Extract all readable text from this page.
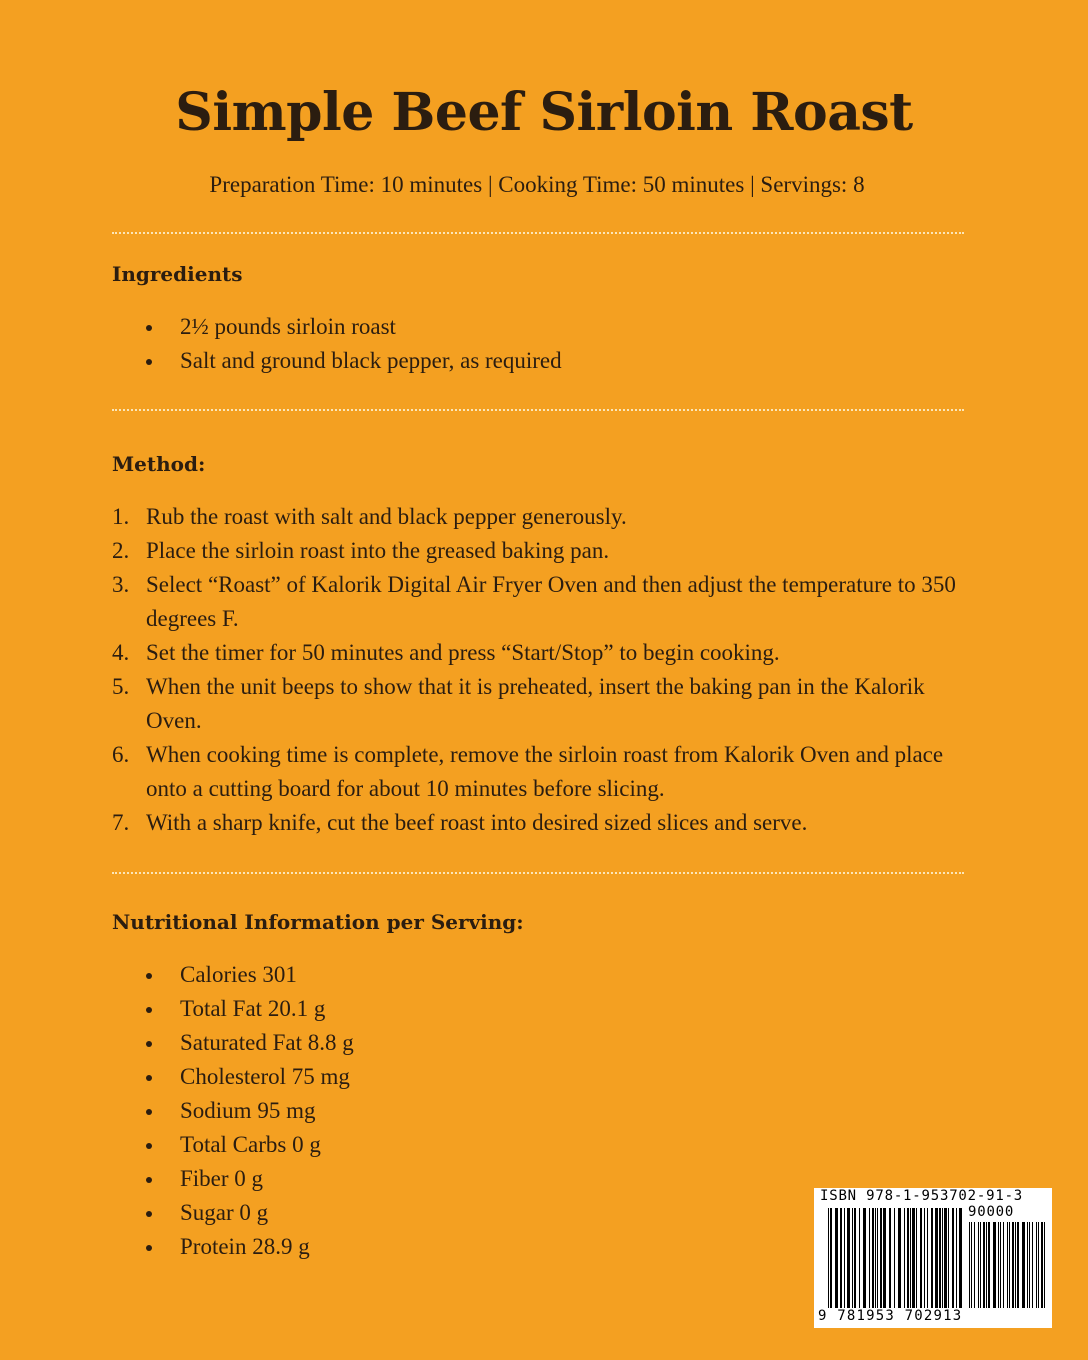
Simple Beef Sirloin Roast
Preparation Time: 10 minutes | Cooking Time: 50 minutes | Servings: 8
Ingredients
2½ pounds sirloin roast
Salt and ground black pepper, as required
Method:
1. Rub the roast with salt and black pepper generously.
2. Place the sirloin roast into the greased baking pan.
3. Select “Roast” of Kalorik Digital Air Fryer Oven and then adjust the temperature to 350 degrees F.
4. Set the timer for 50 minutes and press “Start/Stop” to begin cooking.
5. When the unit beeps to show that it is preheated, insert the baking pan in the Kalorik Oven.
6. When cooking time is complete, remove the sirloin roast from Kalorik Oven and place onto a cutting board for about 10 minutes before slicing.
7. With a sharp knife, cut the beef roast into desired sized slices and serve.
Nutritional Information per Serving:
Calories 301
Total Fat 20.1 g
Saturated Fat 8.8 g
Cholesterol 75 mg
Sodium 95 mg
Total Carbs 0 g
Fiber 0 g
Sugar 0 g
Protein 28.9 g
ISBN 978-1-953702-91-3
90000
9 781953 702913
